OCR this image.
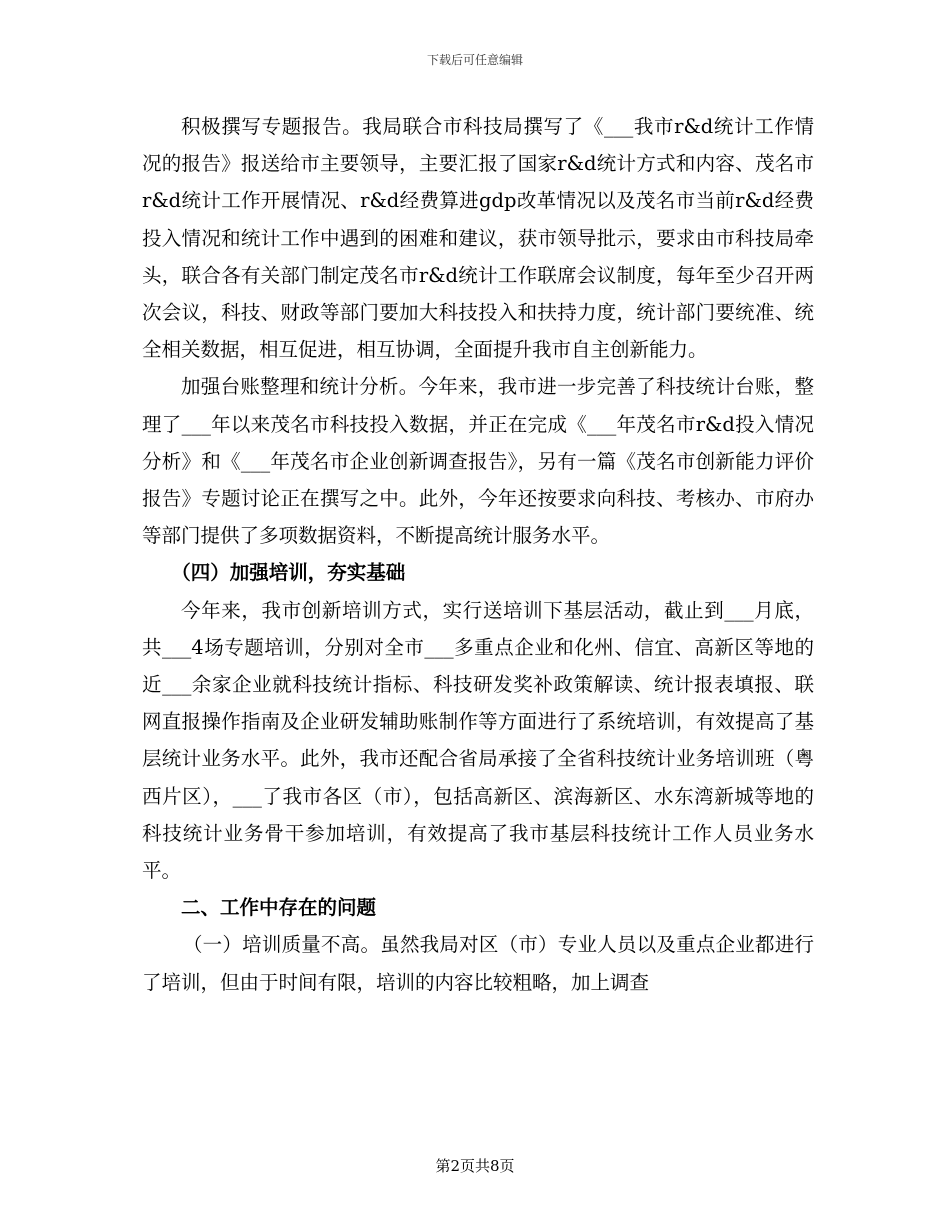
下载后可任意编辑

积极撰写专题报告。我局联合市科技局撰写了《___我市r&d统计工作情况的报告》报送给市主要领导，主要汇报了国家r&d统计方式和内容、茂名市r&d统计工作开展情况、r&d经费算进gdp改革情况以及茂名市当前r&d经费投入情况和统计工作中遇到的困难和建议，获市领导批示，要求由市科技局牵头，联合各有关部门制定茂名市r&d统计工作联席会议制度，每年至少召开两次会议，科技、财政等部门要加大科技投入和扶持力度，统计部门要统准、统全相关数据，相互促进，相互协调，全面提升我市自主创新能力。

加强台账整理和统计分析。今年来，我市进一步完善了科技统计台账，整理了___年以来茂名市科技投入数据，并正在完成《___年茂名市r&d投入情况分析》和《___年茂名市企业创新调查报告》，另有一篇《茂名市创新能力评价报告》专题讨论正在撰写之中。此外，今年还按要求向科技、考核办、市府办等部门提供了多项数据资料，不断提高统计服务水平。

（四）加强培训，夯实基础

今年来，我市创新培训方式，实行送培训下基层活动，截止到___月底，共___4场专题培训，分别对全市___多重点企业和化州、信宜、高新区等地的近___余家企业就科技统计指标、科技研发奖补政策解读、统计报表填报、联网直报操作指南及企业研发辅助账制作等方面进行了系统培训，有效提高了基层统计业务水平。此外，我市还配合省局承接了全省科技统计业务培训班（粤西片区），___了我市各区（市），包括高新区、滨海新区、水东湾新城等地的科技统计业务骨干参加培训，有效提高了我市基层科技统计工作人员业务水平。

二、工作中存在的问题

（一）培训质量不高。虽然我局对区（市）专业人员以及重点企业都进行了培训，但由于时间有限，培训的内容比较粗略，加上调查

第2页共8页
